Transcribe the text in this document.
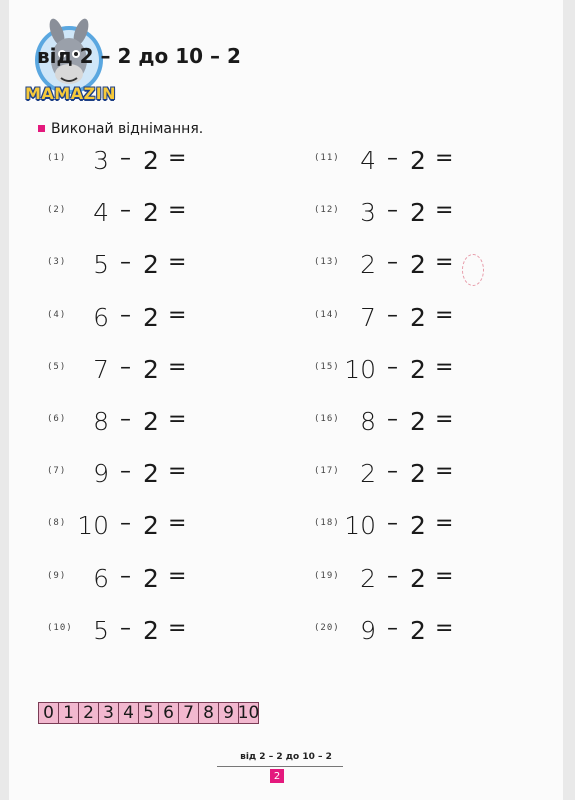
MAMAZIN
від 2 – 2 до 10 – 2
Виконай віднімання.
(1)	3 – 2 =
(2)	4 – 2 =
(3)	5 – 2 =
(4)	6 – 2 =
(5)	7 – 2 =
(6)	8 – 2 =
(7)	9 – 2 =
(8) 10 – 2 =
(9)	6 – 2 =
(10) 5 – 2 =
(11) 4 – 2 =
(12) 3 – 2 =
(13) 2 – 2 =
(14) 7 – 2 =
(15) 10 – 2 =
(16) 8 – 2 =
(17) 2 – 2 =
(18) 10 – 2 =
(19) 2 – 2 =
(20) 9 – 2 =
0 1 2 3 4 5 6 7 8 9 10
від 2 – 2 до 10 – 2
2
